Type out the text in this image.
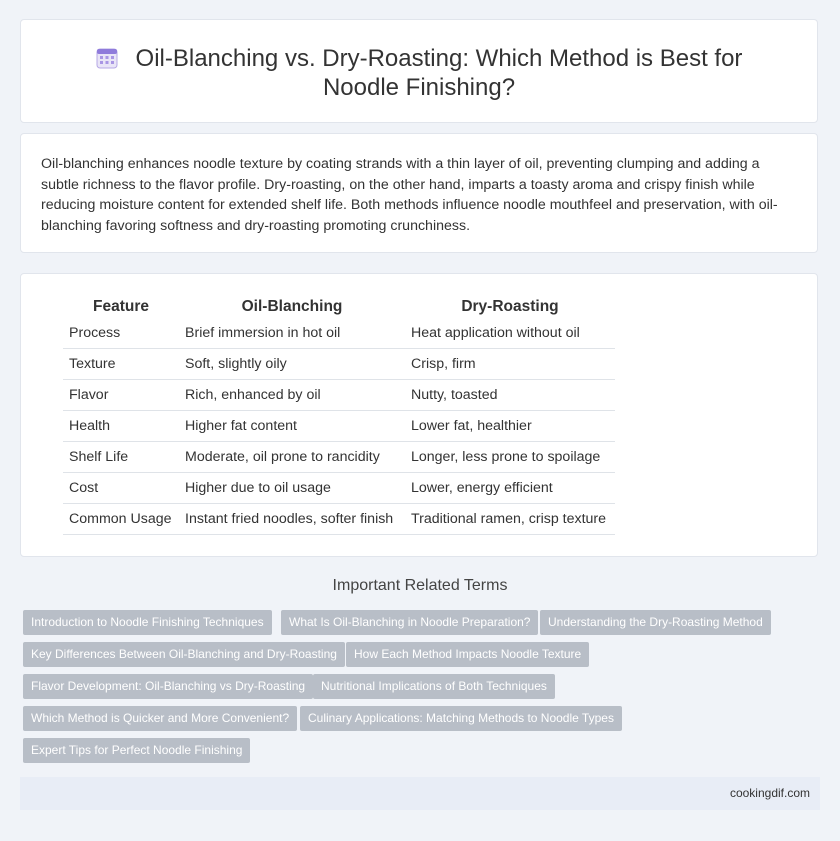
Oil-Blanching vs. Dry-Roasting: Which Method is Best for Noodle Finishing?

Oil-blanching enhances noodle texture by coating strands with a thin layer of oil, preventing clumping and adding a subtle richness to the flavor profile. Dry-roasting, on the other hand, imparts a toasty aroma and crispy finish while reducing moisture content for extended shelf life. Both methods influence noodle mouthfeel and preservation, with oil-blanching favoring softness and dry-roasting promoting crunchiness.

Feature	Oil-Blanching	Dry-Roasting
Process	Brief immersion in hot oil	Heat application without oil
Texture	Soft, slightly oily	Crisp, firm
Flavor	Rich, enhanced by oil	Nutty, toasted
Health	Higher fat content	Lower fat, healthier
Shelf Life	Moderate, oil prone to rancidity	Longer, less prone to spoilage
Cost	Higher due to oil usage	Lower, energy efficient
Common Usage	Instant fried noodles, softer finish	Traditional ramen, crisp texture
Important Related Terms
Introduction to Noodle Finishing Techniques	What Is Oil-Blanching in Noodle Preparation?	Understanding the Dry-Roasting Method
Key Differences Between Oil-Blanching and Dry-Roasting	How Each Method Impacts Noodle Texture
Flavor Development: Oil-Blanching vs Dry-Roasting	Nutritional Implications of Both Techniques
Which Method is Quicker and More Convenient?	Culinary Applications: Matching Methods to Noodle Types
Expert Tips for Perfect Noodle Finishing
cookingdif.com
